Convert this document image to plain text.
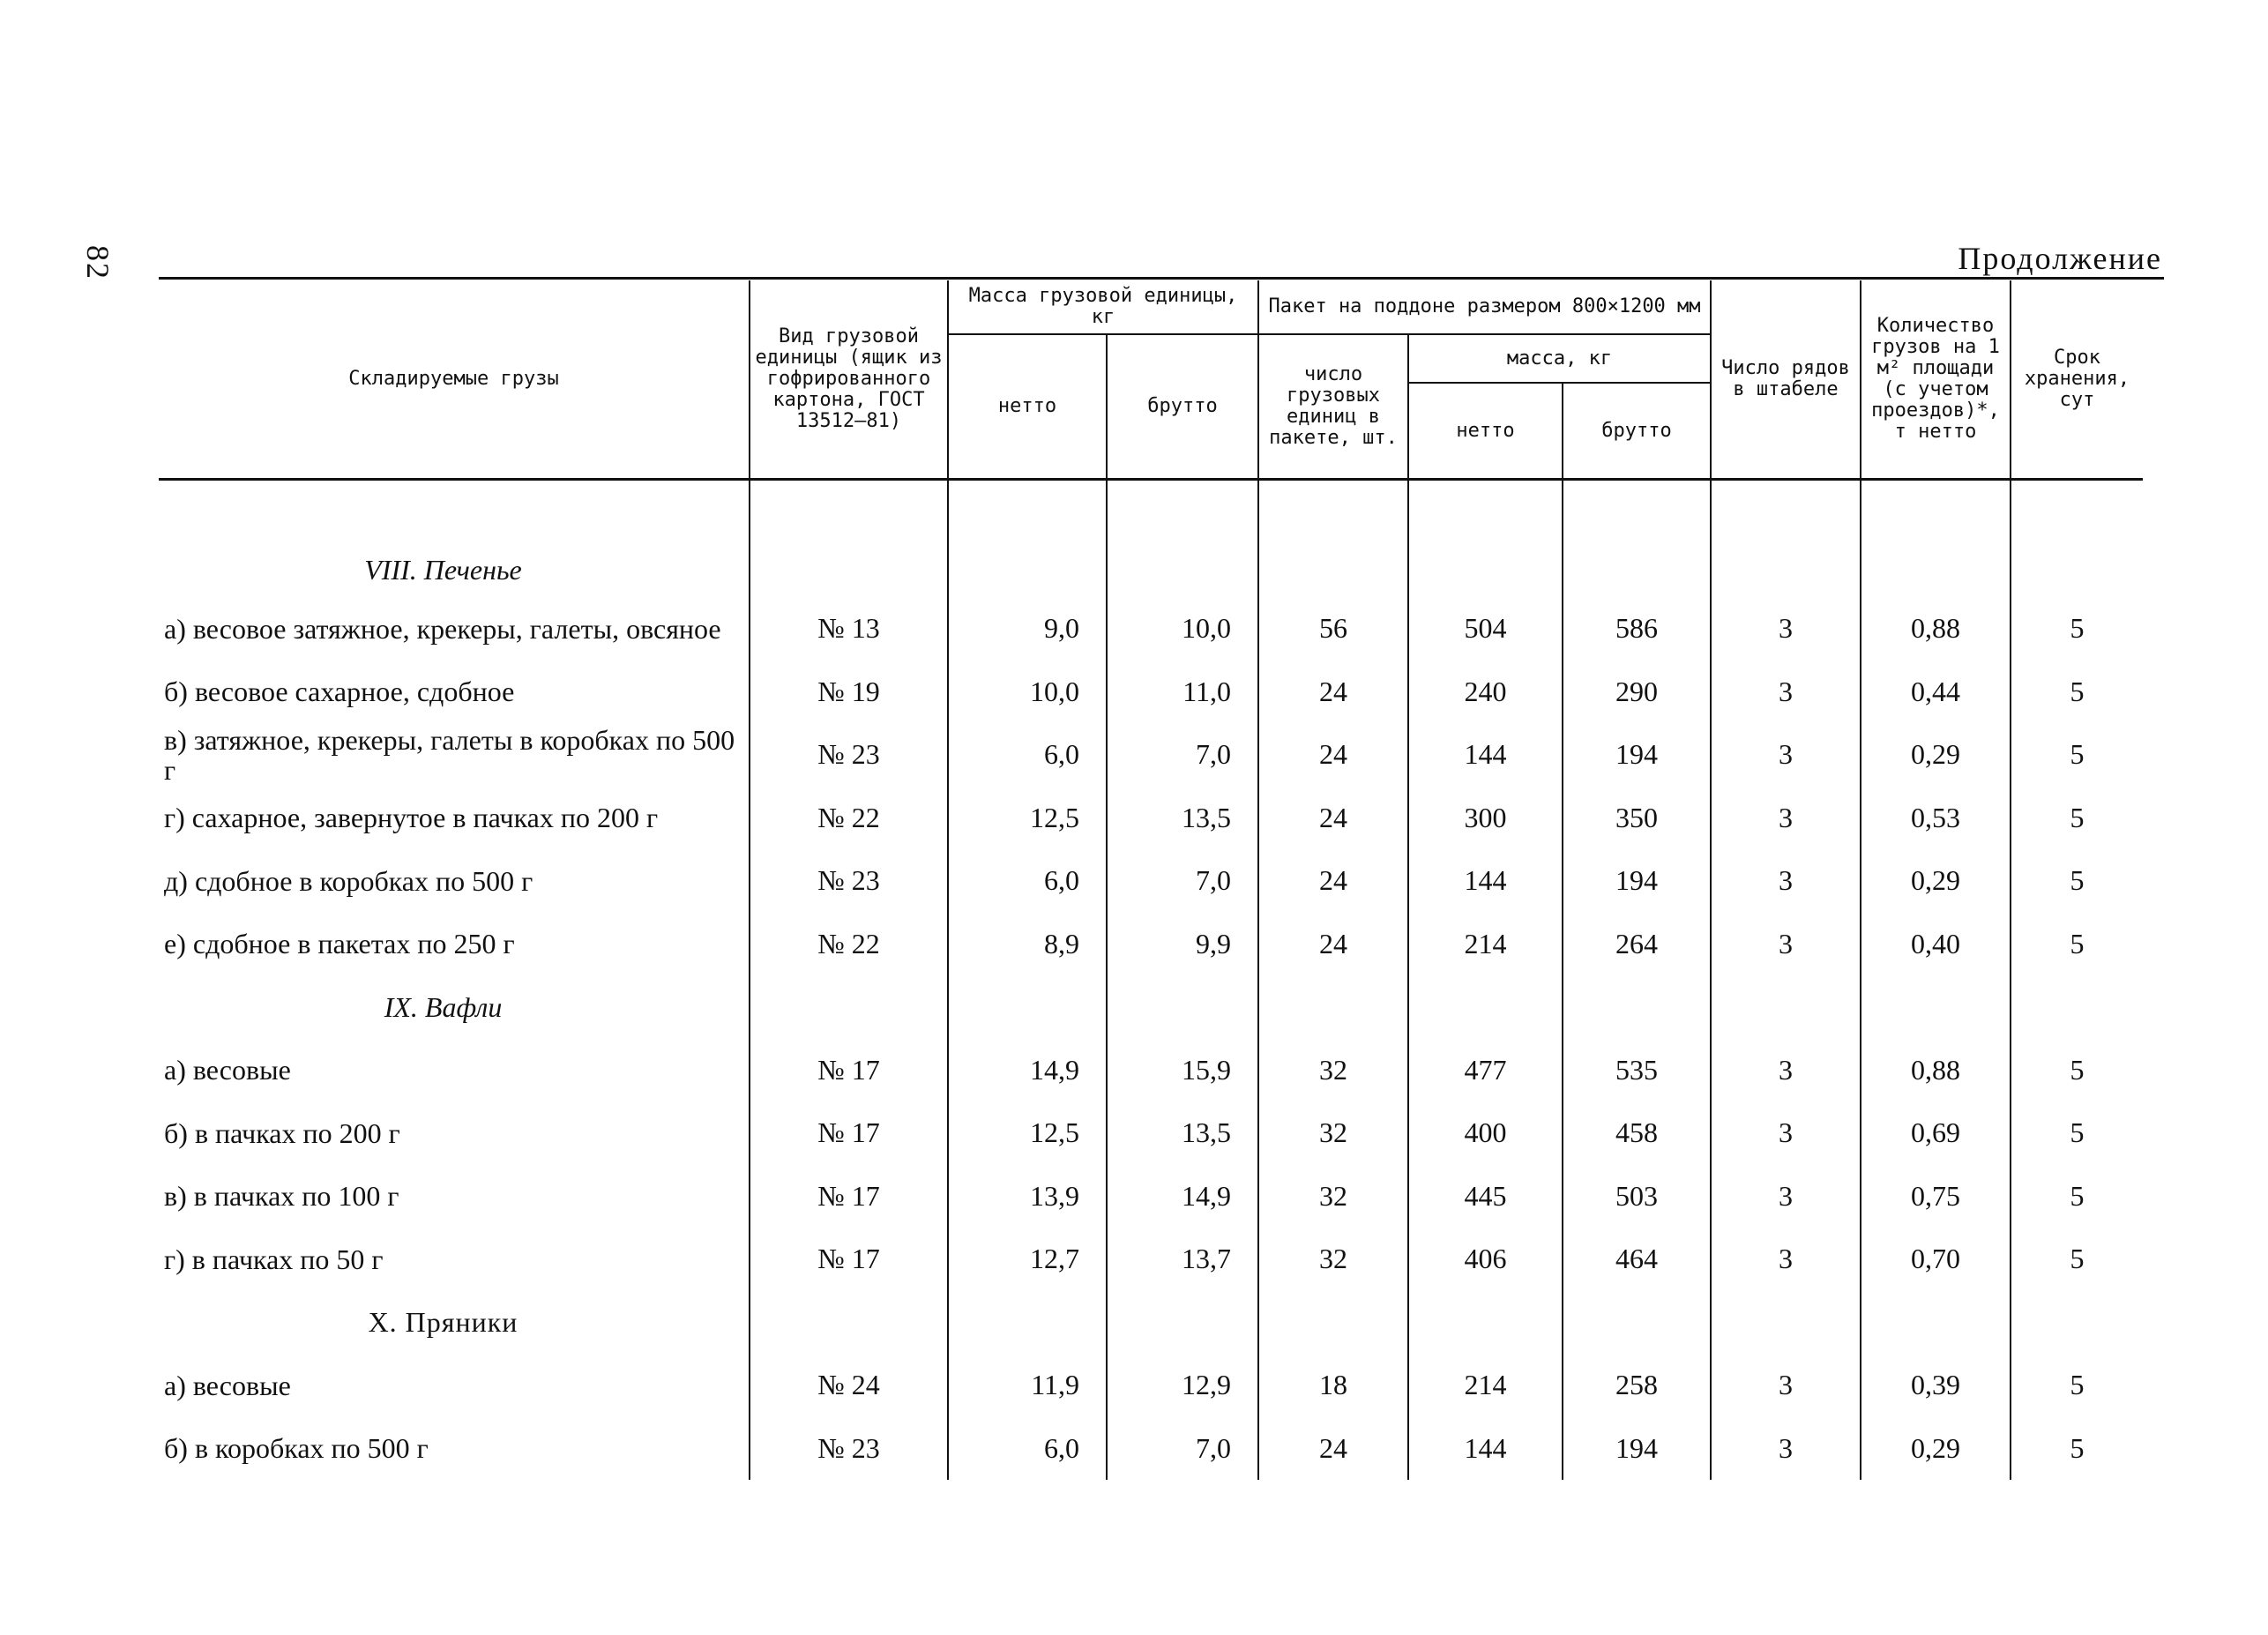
82	Продолжение
Складируемые грузы	Вид грузовой единицы (ящик из гофрированного картона, ГОСТ 13512—81)	Масса грузовой единицы, кг		Пакет на поддоне размером 800×1200 мм			Число рядов в штабеле	Количество грузов на 1 м² площади (с учетом проездов)*, т нетто	Срок хранения, сут
		нетто	брутто	число грузовых единиц в пакете, шт.	масса, кг				
					нетто	брутто			
VIII. Печенье									
а) весовое затяжное, крекеры, галеты, овсяное	№ 13	9,0	10,0	56	504	586	3	0,88	5
б) весовое сахарное, сдобное	№ 19	10,0	11,0	24	240	290	3	0,44	5
в) затяжное, крекеры, галеты в коробках по 500 г	№ 23	6,0	7,0	24	144	194	3	0,29	5
г) сахарное, завернутое в пачках по 200 г	№ 22	12,5	13,5	24	300	350	3	0,53	5
д) сдобное в коробках по 500 г	№ 23	6,0	7,0	24	144	194	3	0,29	5
е) сдобное в пакетах по 250 г	№ 22	8,9	9,9	24	214	264	3	0,40	5
IX. Вафли									
а) весовые	№ 17	14,9	15,9	32	477	535	3	0,88	5
б) в пачках по 200 г	№ 17	12,5	13,5	32	400	458	3	0,69	5
в) в пачках по 100 г	№ 17	13,9	14,9	32	445	503	3	0,75	5
г) в пачках по 50 г	№ 17	12,7	13,7	32	406	464	3	0,70	5
X. Пряники									
а) весовые	№ 24	11,9	12,9	18	214	258	3	0,39	5
б) в коробках по 500 г	№ 23	6,0	7,0	24	144	194	3	0,29	5
